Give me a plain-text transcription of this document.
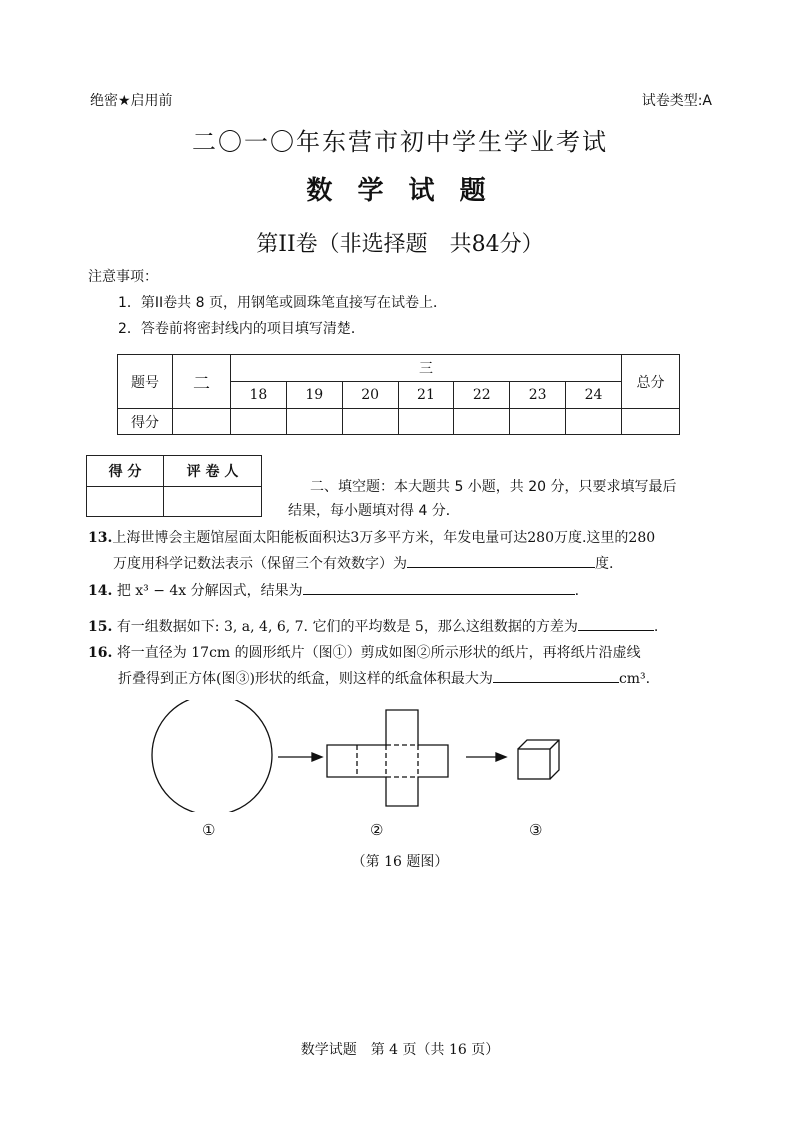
绝密★启用前	试卷类型:A
二〇一〇年东营市初中学生学业考试
数 学 试 题
第II卷（非选择题　共84分）
注意事项：
1．第II卷共 8 页，用钢笔或圆珠笔直接写在试卷上．
2．答卷前将密封线内的项目填写清楚．
题号	二	三							总分
		18	19	20	21	22	23	24	
得分									
得 分	评 卷 人

二、填空题：本大题共 5 小题，共 20 分，只要求填写最后
结果，每小题填对得 4 分．
13.上海世博会主题馆屋面太阳能板面积达3万多平方米，年发电量可达280万度.这里的280
万度用科学记数法表示（保留三个有效数字）为	度.
14. 把 x³ − 4x 分解因式，结果为	.
15. 有一组数据如下: 3, a, 4, 6, 7. 它们的平均数是 5，那么这组数据的方差为	.
16. 将一直径为 17cm 的圆形纸片（图①）剪成如图②所示形状的纸片，再将纸片沿虚线
折叠得到正方体(图③)形状的纸盒，则这样的纸盒体积最大为	cm³.
①	②	③
（第 16 题图）
数学试题　第 4 页（共 16 页）
